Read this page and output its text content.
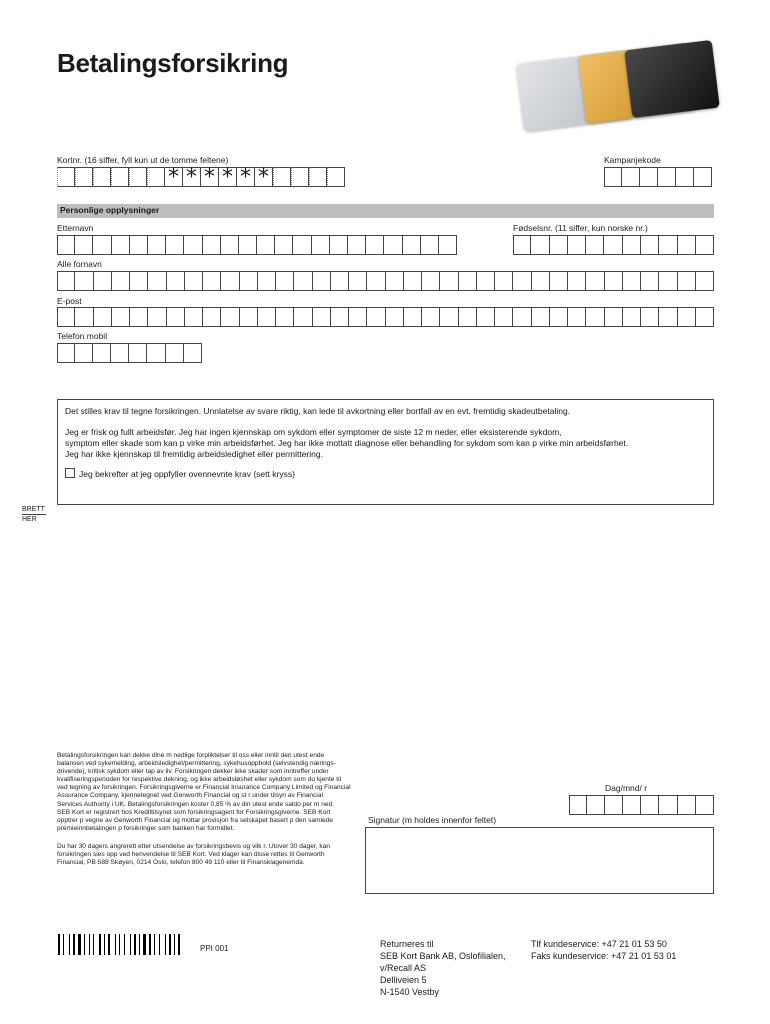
Betalingsforsikring
Kortnr. (16 siffer, fyll kun ut de tomme feltene)
* * * * * *
Kampanjekode
Personlige opplysninger
Etternavn	Fødselsnr. (11 siffer, kun norske nr.)
Alle fornavn
E-post
Telefon mobil

Det stilles krav til tegne forsikringen. Unnlatelse av svare riktig, kan lede til avkortning eller bortfall av en evt. fremtidig skadeutbetaling.

Jeg er frisk og fullt arbeidsfør. Jeg har ingen kjennskap om sykdom eller symptomer de siste 12 m neder, eller eksisterende sykdom,

symptom eller skade som kan p virke min arbeidsførhet. Jeg har ikke mottatt diagnose eller behandling for sykdom som kan p virke min arbeidsførhet.

Jeg har ikke kjennskap til fremtidig arbeidsledighet eller permittering.

Jeg bekrefter at jeg oppfyller ovennevnte krav (sett kryss)

BRETT
HER
Betalingsforsikringen kan dekke dine m nedlige forpliktelser til oss eller inntil den utest ende
balansen ved sykemelding, arbeidsledighet/permittering, sykehusopphold (selvstendig nærings-
drivende), kritisk sykdom eller tap av liv. Forsikringen dekker ikke skader som inntreffer under
kvalifiseringsperioden for respektive dekning, og ikke arbeidsløshet eller sykdom som du kjente til
ved tegning av forsikringen. Forsikringsgiverne er Financial Insurance Company Limited og Financial
Assurance Company, kjennetegnet ved Genworth Financial og st r under tilsyn av Financial
Services Authority i UK. Betalingsforsikringen koster 0,85 % av din utest ende saldo per m ned.
SEB Kort er registrert hos Kredittilsynet som forsikringsagent for Forsikringsgiverne. SEB Kort
opptrer p vegne av Genworth Financial og mottar provisjon fra selskapet basert p den samlede
premieinnbetalingen p forsikringer som banken har formidlet.
Du har 30 dagers angrerett etter utsendelse av forsikringsbevis og vilk r. Utover 30 dager, kan
forsikringen sies opp ved henvendelse til SEB Kort. Ved klager kan disse rettes til Genworth
Financial, PB 588 Skøyen, 0214 Oslo, telefon 800 49 110 eller til Finansklagenemda.
Dag/mnd/ r
Signatur (m holdes innenfor feltet)
PPI 001	Returneres til
SEB Kort Bank AB, Oslofilialen,
v/Recall AS
Delliveien 5
N-1540 Vestby
Tlf kundeservice: +47 21 01 53 50
Faks kundeservice: +47 21 01 53 01
